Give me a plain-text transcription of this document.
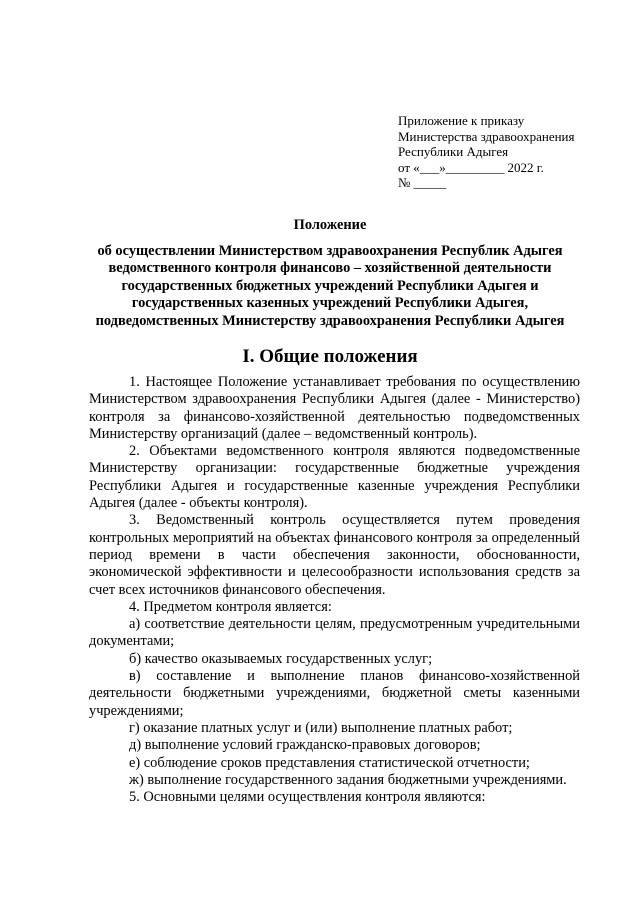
Приложение к приказу
Министерства здравоохранения
Республики Адыгея
от «___»_________ 2022 г.
№ _____
Положение
об осуществлении Министерством здравоохранения Республик Адыгея ведомственного контроля финансово – хозяйственной деятельности государственных бюджетных учреждений Республики Адыгея и государственных казенных учреждений Республики Адыгея, подведомственных Министерству здравоохранения Республики Адыгея
I. Общие положения

1. Настоящее Положение устанавливает требования по осуществлению Министерством здравоохранения Республики Адыгея (далее - Министерство) контроля за финансово-хозяйственной деятельностью подведомственных Министерству организаций (далее – ведомственный контроль).

2. Объектами ведомственного контроля являются подведомственные Министерству организации: государственные бюджетные учреждения Республики Адыгея и государственные казенные учреждения Республики Адыгея (далее - объекты контроля).

3. Ведомственный контроль осуществляется путем проведения контрольных мероприятий на объектах финансового контроля за определенный период времени в части обеспечения законности, обоснованности, экономической эффективности и целесообразности использования средств за счет всех источников финансового обеспечения.

4. Предметом контроля является:

а) соответствие деятельности целям, предусмотренным учредительными документами;

б) качество оказываемых государственных услуг;

в) составление и выполнение планов финансово-хозяйственной деятельности бюджетными учреждениями, бюджетной сметы казенными учреждениями;

г) оказание платных услуг и (или) выполнение платных работ;

д) выполнение условий гражданско-правовых договоров;

е) соблюдение сроков представления статистической отчетности;

ж) выполнение государственного задания бюджетными учреждениями.

5. Основными целями осуществления контроля являются:
